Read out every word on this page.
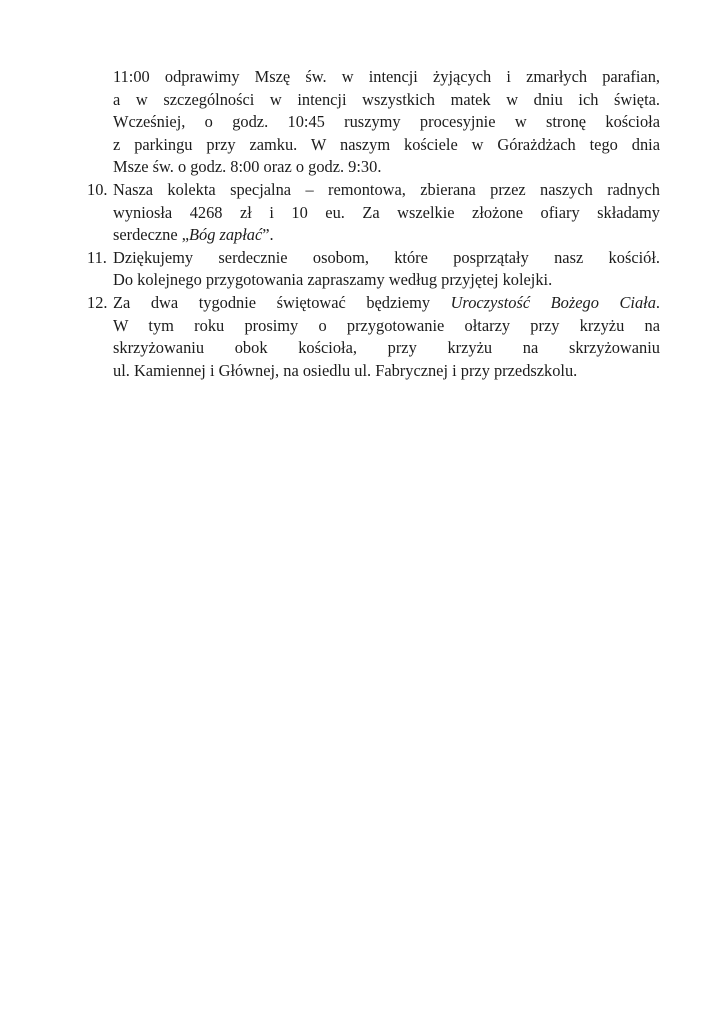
11:00 odprawimy Mszę św. w intencji żyjących i zmarłych parafian,
a w szczególności w intencji wszystkich matek w dniu ich święta.
Wcześniej, o godz. 10:45 ruszymy procesyjnie w stronę kościoła
z parkingu przy zamku. W naszym kościele w Górażdżach tego dnia
Msze św. o godz. 8:00 oraz o godz. 9:30.
10. Nasza kolekta specjalna – remontowa, zbierana przez naszych radnych
wyniosła 4268 zł i 10 eu. Za wszelkie złożone ofiary składamy
serdeczne „Bóg zapłać”.
11. Dziękujemy serdecznie osobom, które posprzątały nasz kościół.
Do kolejnego przygotowania zapraszamy według przyjętej kolejki.
12. Za dwa tygodnie świętować będziemy Uroczystość Bożego Ciała.
W tym roku prosimy o przygotowanie ołtarzy przy krzyżu na
skrzyżowaniu obok kościoła, przy krzyżu na skrzyżowaniu
ul. Kamiennej i Głównej, na osiedlu ul. Fabrycznej i przy przedszkolu.
